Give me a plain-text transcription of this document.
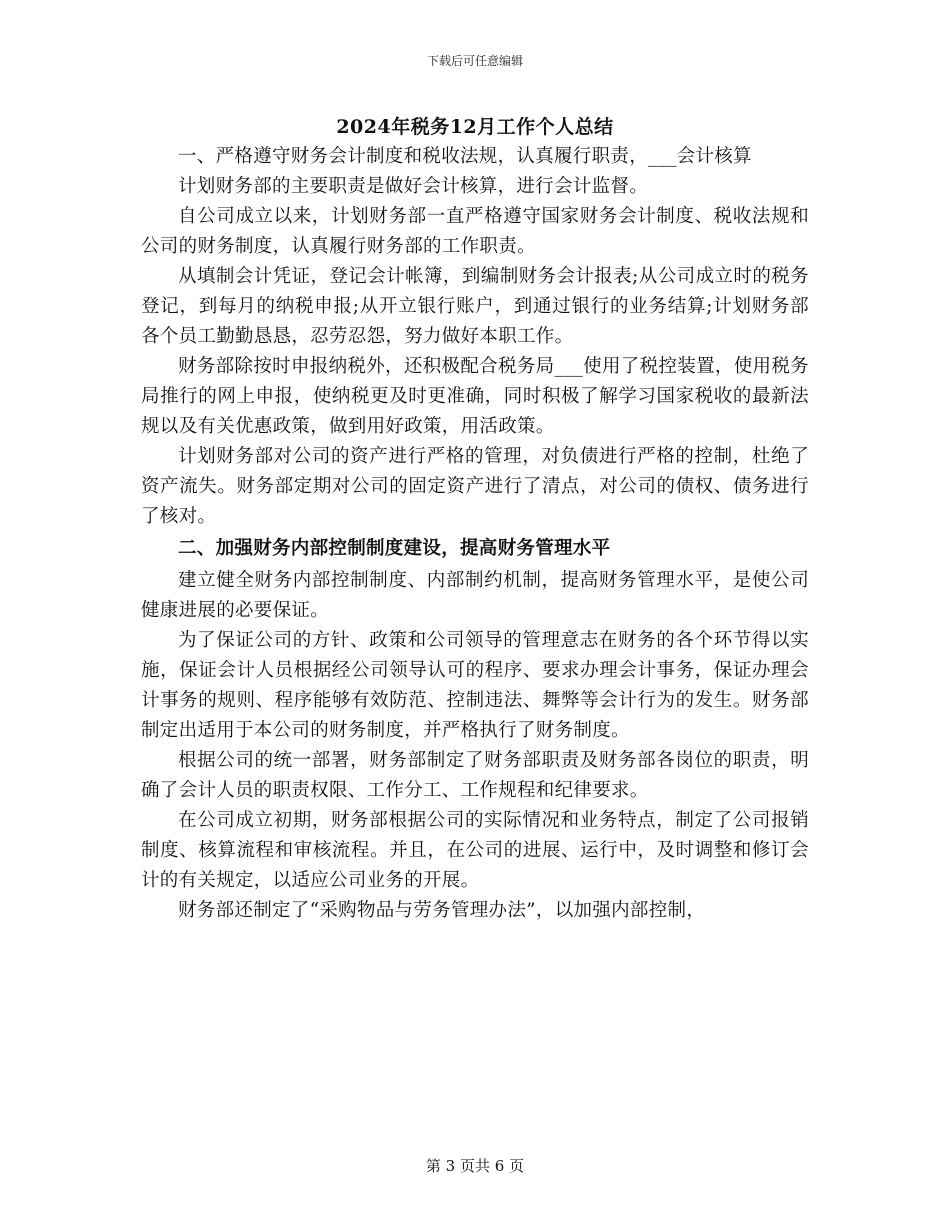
下载后可任意编辑
2024年税务12月工作个人总结

一、严格遵守财务会计制度和税收法规，认真履行职责，___会计核算

计划财务部的主要职责是做好会计核算，进行会计监督。

自公司成立以来，计划财务部一直严格遵守国家财务会计制度、税收法规和公司的财务制度，认真履行财务部的工作职责。

从填制会计凭证，登记会计帐簿，到编制财务会计报表;从公司成立时的税务登记，到每月的纳税申报;从开立银行账户，到通过银行的业务结算;计划财务部各个员工勤勤恳恳，忍劳忍怨，努力做好本职工作。

财务部除按时申报纳税外，还积极配合税务局___使用了税控装置，使用税务局推行的网上申报，使纳税更及时更准确，同时积极了解学习国家税收的最新法规以及有关优惠政策，做到用好政策，用活政策。

计划财务部对公司的资产进行严格的管理，对负债进行严格的控制，杜绝了资产流失。财务部定期对公司的固定资产进行了清点，对公司的债权、债务进行了核对。

二、加强财务内部控制制度建设，提高财务管理水平

建立健全财务内部控制制度、内部制约机制，提高财务管理水平，是使公司健康进展的必要保证。

为了保证公司的方针、政策和公司领导的管理意志在财务的各个环节得以实施，保证会计人员根据经公司领导认可的程序、要求办理会计事务，保证办理会计事务的规则、程序能够有效防范、控制违法、舞弊等会计行为的发生。财务部制定出适用于本公司的财务制度，并严格执行了财务制度。

根据公司的统一部署，财务部制定了财务部职责及财务部各岗位的职责，明确了会计人员的职责权限、工作分工、工作规程和纪律要求。

在公司成立初期，财务部根据公司的实际情况和业务特点，制定了公司报销制度、核算流程和审核流程。并且，在公司的进展、运行中，及时调整和修订会计的有关规定，以适应公司业务的开展。

财务部还制定了“采购物品与劳务管理办法”，以加强内部控制，

第 3 页共 6 页
